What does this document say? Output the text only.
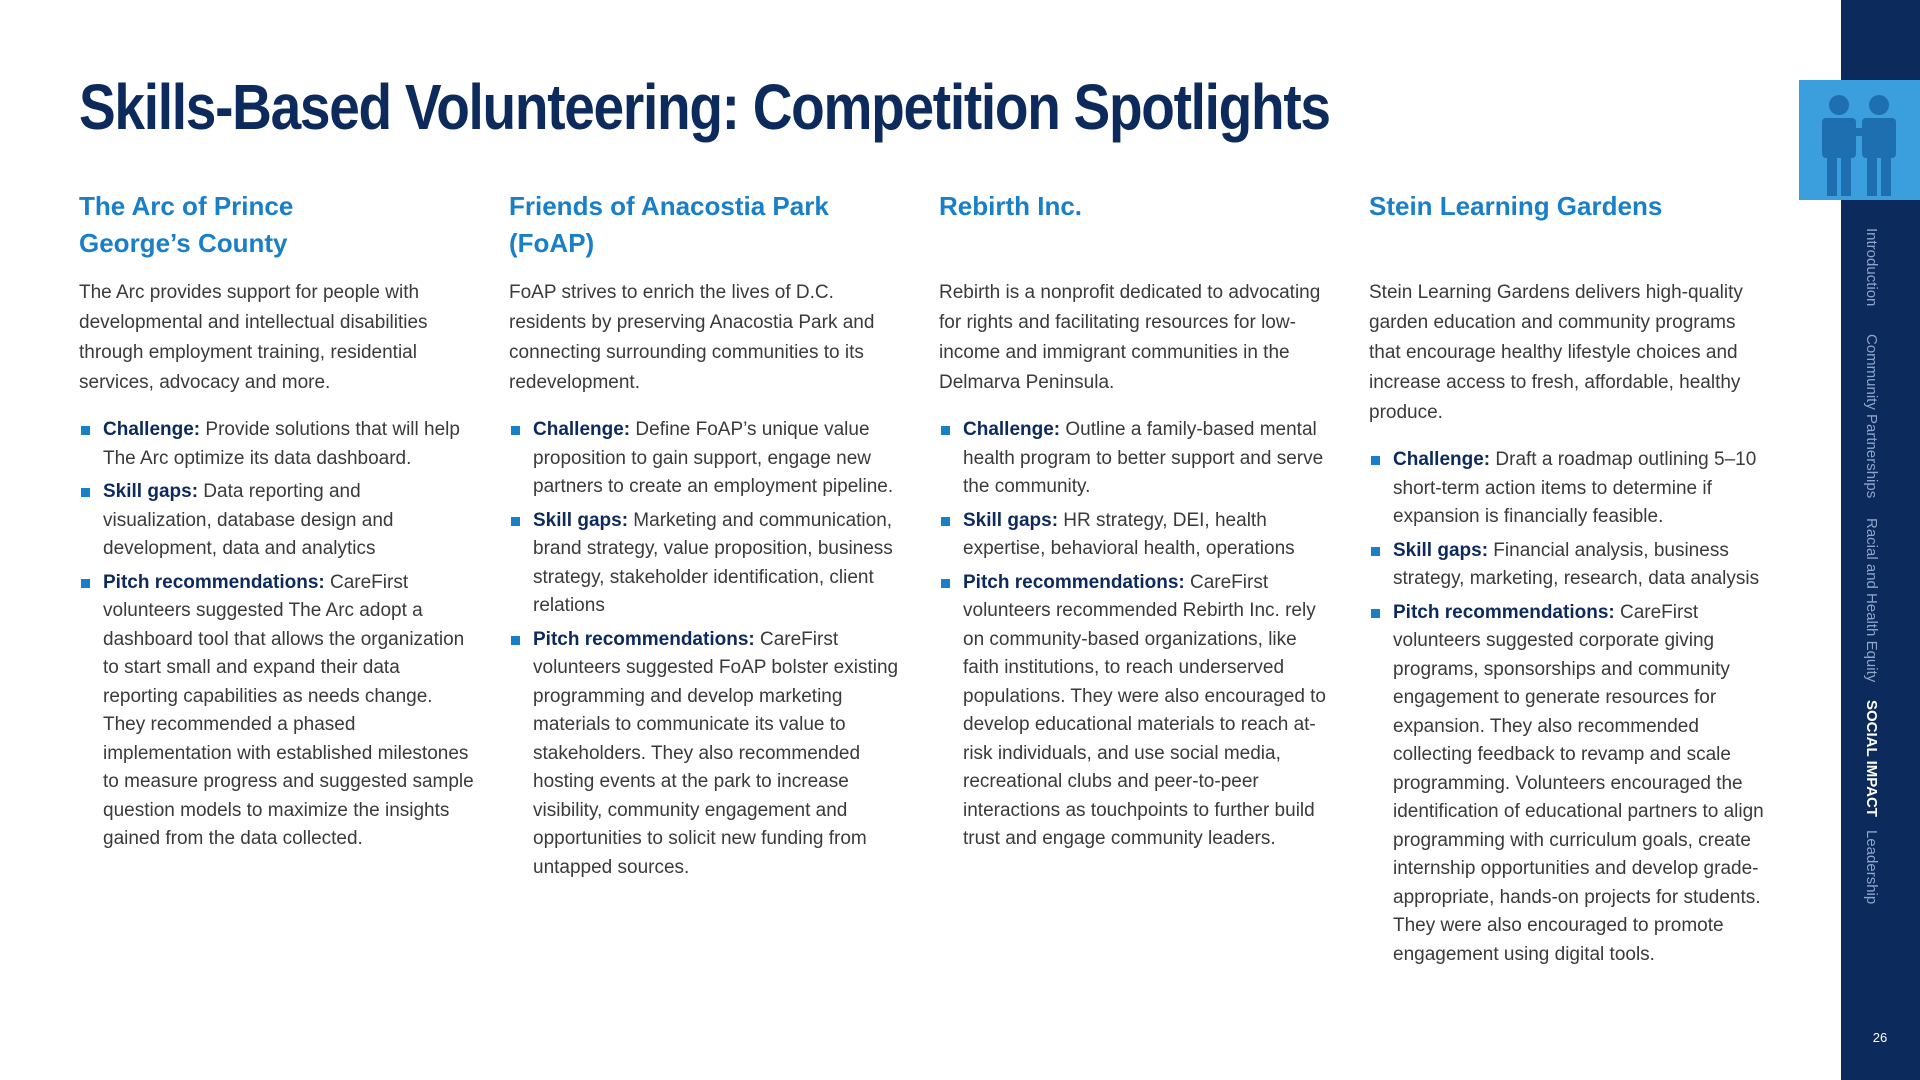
Skills-Based Volunteering: Competition Spotlights
The Arc of Prince
George’s County

The Arc provides support for people with developmental and intellectual disabilities through employment training, residential services, advocacy and more.

Challenge: Provide solutions that will help The Arc optimize its data dashboard.
Skill gaps: Data reporting and visualization, database design and development, data and analytics
Pitch recommendations: CareFirst volunteers suggested The Arc adopt a dashboard tool that allows the organization to start small and expand their data reporting capabilities as needs change. They recommended a phased implementation with established milestones to measure progress and suggested sample question models to maximize the insights gained from the data collected.
Friends of Anacostia Park
(FoAP)

FoAP strives to enrich the lives of D.C. residents by preserving Anacostia Park and connecting surrounding communities to its redevelopment.

Challenge: Define FoAP’s unique value proposition to gain support, engage new partners to create an employment pipeline.
Skill gaps: Marketing and communication, brand strategy, value proposition, business strategy, stakeholder identification, client relations
Pitch recommendations: CareFirst volunteers suggested FoAP bolster existing programming and develop marketing materials to communicate its value to stakeholders. They also recommended hosting events at the park to increase visibility, community engagement and opportunities to solicit new funding from untapped sources.
Rebirth Inc.

Rebirth is a nonprofit dedicated to advocating for rights and facilitating resources for low-income and immigrant communities in the Delmarva Peninsula.

Challenge: Outline a family-based mental health program to better support and serve the community.
Skill gaps: HR strategy, DEI, health expertise, behavioral health, operations
Pitch recommendations: CareFirst volunteers recommended Rebirth Inc. rely on community-based organizations, like faith institutions, to reach underserved populations. They were also encouraged to develop educational materials to reach at-risk individuals, and use social media, recreational clubs and peer-to-peer interactions as touchpoints to further build trust and engage community leaders.
Stein Learning Gardens

Stein Learning Gardens delivers high-quality garden education and community programs that encourage healthy lifestyle choices and increase access to fresh, affordable, healthy produce.

Challenge: Draft a roadmap outlining 5–10 short-term action items to determine if expansion is financially feasible.
Skill gaps: Financial analysis, business strategy, marketing, research, data analysis
Pitch recommendations: CareFirst volunteers suggested corporate giving programs, sponsorships and community engagement to generate resources for expansion. They also recommended collecting feedback to revamp and scale programming. Volunteers encouraged the identification of educational partners to align programming with curriculum goals, create internship opportunities and develop grade-appropriate, hands-on projects for students. They were also encouraged to promote engagement using digital tools.
Introduction
Community Partnerships
Racial and Health Equity
SOCIAL IMPACT
Leadership
26
